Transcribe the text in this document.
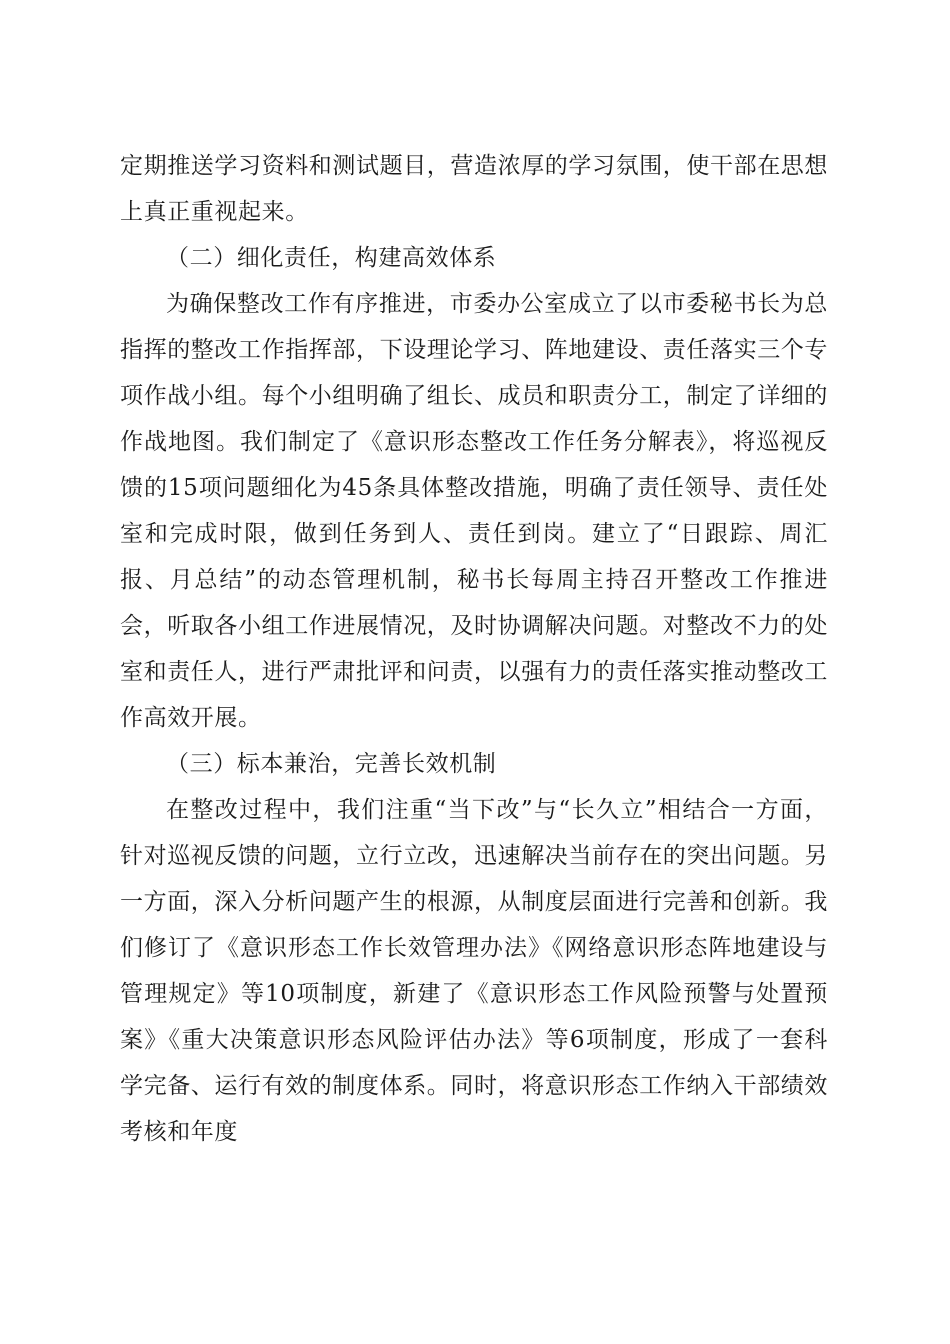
定期推送学习资料和测试题目，营造浓厚的学习氛围，使干部在思想上真正重视起来。

（二）细化责任，构建高效体系

为确保整改工作有序推进，市委办公室成立了以市委秘书长为总指挥的整改工作指挥部，下设理论学习、阵地建设、责任落实三个专项作战小组。每个小组明确了组长、成员和职责分工，制定了详细的作战地图。我们制定了《意识形态整改工作任务分解表》，将巡视反馈的15项问题细化为45条具体整改措施，明确了责任领导、责任处室和完成时限，做到任务到人、责任到岗。建立了“日跟踪、周汇报、月总结”的动态管理机制，秘书长每周主持召开整改工作推进会，听取各小组工作进展情况，及时协调解决问题。对整改不力的处室和责任人，进行严肃批评和问责，以强有力的责任落实推动整改工作高效开展。

（三）标本兼治，完善长效机制

在整改过程中，我们注重“当下改”与“长久立”相结合一方面，针对巡视反馈的问题，立行立改，迅速解决当前存在的突出问题。另一方面，深入分析问题产生的根源，从制度层面进行完善和创新。我们修订了《意识形态工作长效管理办法》《网络意识形态阵地建设与管理规定》等10项制度，新建了《意识形态工作风险预警与处置预案》《重大决策意识形态风险评估办法》等6项制度，形成了一套科学完备、运行有效的制度体系。同时，将意识形态工作纳入干部绩效考核和年度
